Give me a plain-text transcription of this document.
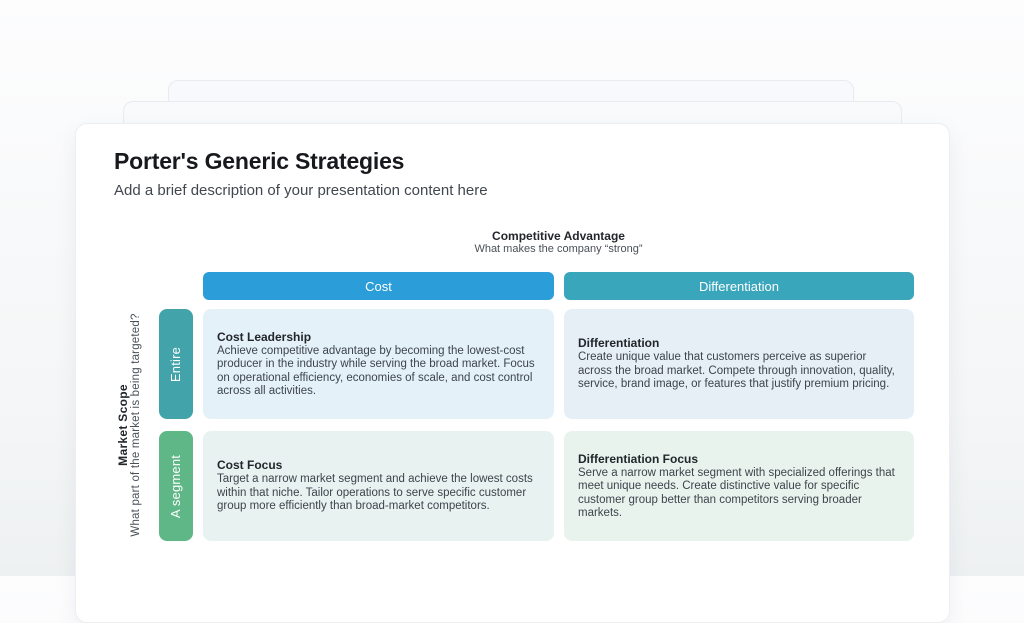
Porter's Generic Strategies

Add a brief description of your presentation content here

Competitive Advantage
What makes the company “strong”
Cost	Differentiation
Market Scope What part of the market is being targeted? Entire
A segment
Cost Leadership
Achieve competitive advantage by becoming the lowest-cost producer in the industry while serving the broad market. Focus on operational efficiency, economies of scale, and cost control across all activities.
Differentiation
Create unique value that customers perceive as superior across the broad market. Compete through innovation, quality, service, brand image, or features that justify premium pricing.
Cost Focus
Target a narrow market segment and achieve the lowest costs within that niche. Tailor operations to serve specific customer group more efficiently than broad-market competitors.
Differentiation Focus
Serve a narrow market segment with specialized offerings that meet unique needs. Create distinctive value for specific customer group better than competitors serving broader markets.
